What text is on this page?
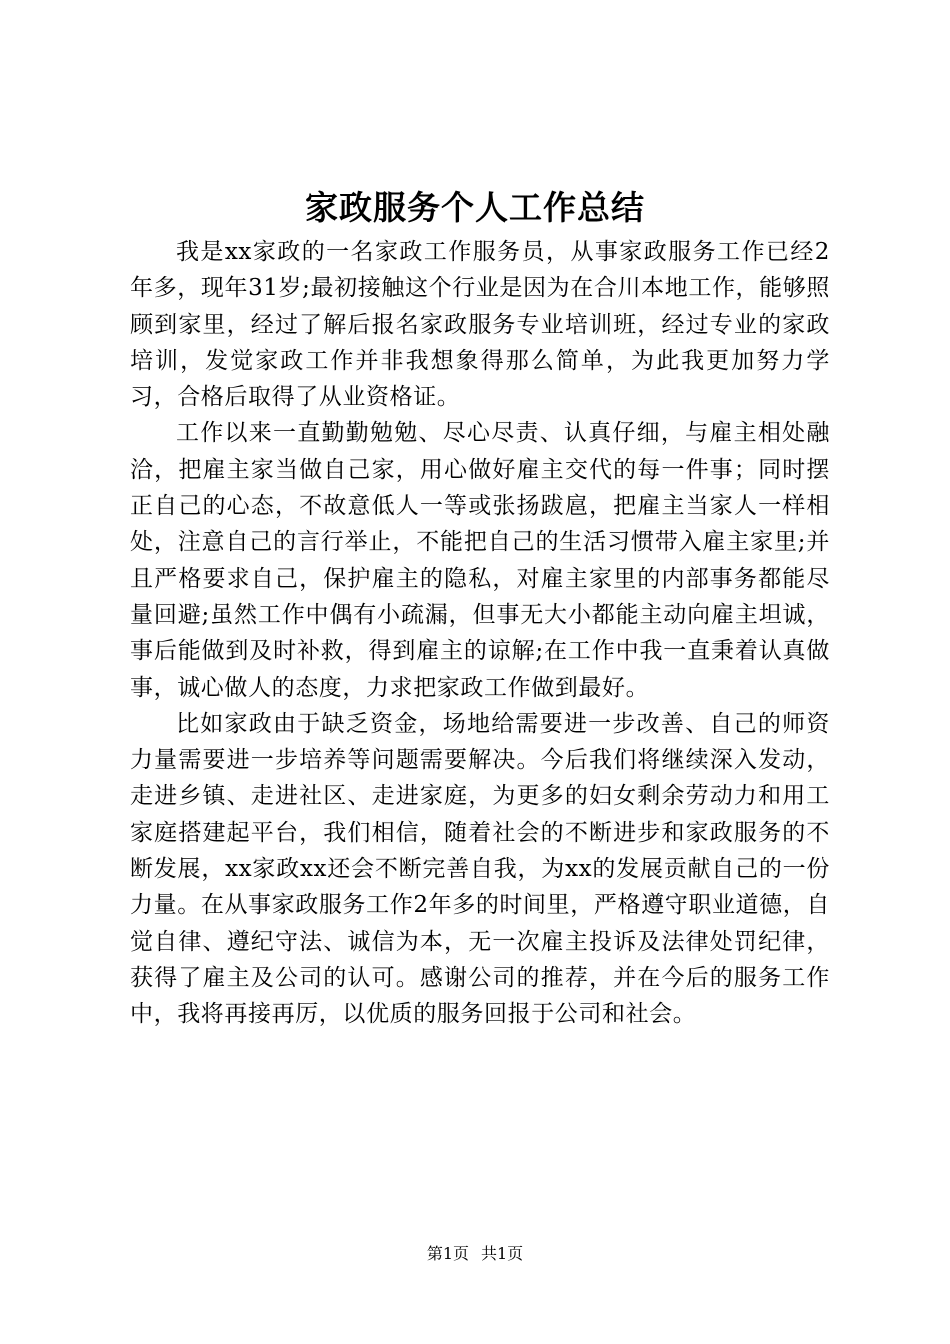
家政服务个人工作总结

我是xx家政的一名家政工作服务员，从事家政服务工作已经2年多，现年31岁;最初接触这个行业是因为在合川本地工作，能够照顾到家里，经过了解后报名家政服务专业培训班，经过专业的家政培训，发觉家政工作并非我想象得那么简单，为此我更加努力学习，合格后取得了从业资格证。

工作以来一直勤勤勉勉、尽心尽责、认真仔细，与雇主相处融洽，把雇主家当做自己家，用心做好雇主交代的每一件事；同时摆正自己的心态，不故意低人一等或张扬跋扈，把雇主当家人一样相处，注意自己的言行举止，不能把自己的生活习惯带入雇主家里;并且严格要求自己，保护雇主的隐私，对雇主家里的内部事务都能尽量回避;虽然工作中偶有小疏漏，但事无大小都能主动向雇主坦诚，事后能做到及时补救，得到雇主的谅解;在工作中我一直秉着认真做事，诚心做人的态度，力求把家政工作做到最好。

比如家政由于缺乏资金，场地给需要进一步改善、自己的师资力量需要进一步培养等问题需要解决。今后我们将继续深入发动，走进乡镇、走进社区、走进家庭，为更多的妇女剩余劳动力和用工家庭搭建起平台，我们相信，随着社会的不断进步和家政服务的不断发展，xx家政xx还会不断完善自我，为xx的发展贡献自己的一份力量。在从事家政服务工作2年多的时间里，严格遵守职业道德，自觉自律、遵纪守法、诚信为本，无一次雇主投诉及法律处罚纪律，获得了雇主及公司的认可。感谢公司的推荐，并在今后的服务工作中，我将再接再厉，以优质的服务回报于公司和社会。

第1页 共1页
